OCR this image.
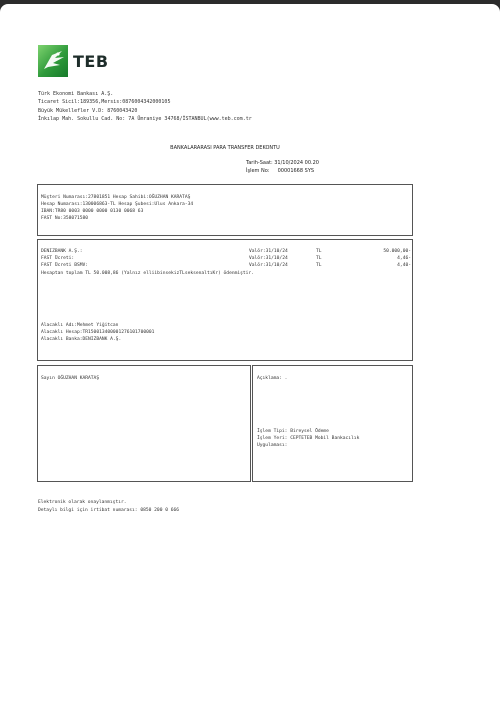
TEB
Türk Ekonomi Bankası A.Ş.
Ticaret Sicil:189356,Mersis:0876004342000105
Büyük Mükellefler V.D: 8760043420
İnkılap Mah. Sokullu Cad. No: 7A Ümraniye 34768/İSTANBUL(www.teb.com.tr
BANKALARARASI PARA TRANSFER DEKONTU
Tarih-Saat: 31/10/2024 00.20
İşlem No: 00001668 SYS
Müşteri Numarası:27801851 Hesap Sahibi:OĞUZHAN KARATAŞ
Hesap Numarası:130006863-TL Hesap Şubesi:Ulus Ankara-34
IBAN:TR80 0003 0000 0000 0130 0068 63
FAST No:358071580
DENIZBANK A.Ş.:	Valör:31/10/24	TL	50.000,00-
FAST Ücreti:	Valör:31/10/24	TL	4,46-
FAST Ücreti BSMV:	Valör:31/10/24	TL	4,40-
Hesaptan toplam TL 50.008,86 (Yalnız elliibinsekizTLseksenaltıKr) ödenmiştir.
Alacaklı Adı:Mehmet Yiğitcan
Alacaklı Hesap:TR150013400001276101700001
Alacaklı Banka:DENIZBANK A.Ş.
Sayın OĞUZHAN KARATAŞ	Açıklama: .
İşlem Tipi: Bireysel Ödeme
İşlem Yeri: CEPTETEB Mobil Bankacılık
Uygulaması:
Elektronik olarak onaylanmıştır.
Detaylı bilgi için irtibat numarası: 0850 200 0 666
